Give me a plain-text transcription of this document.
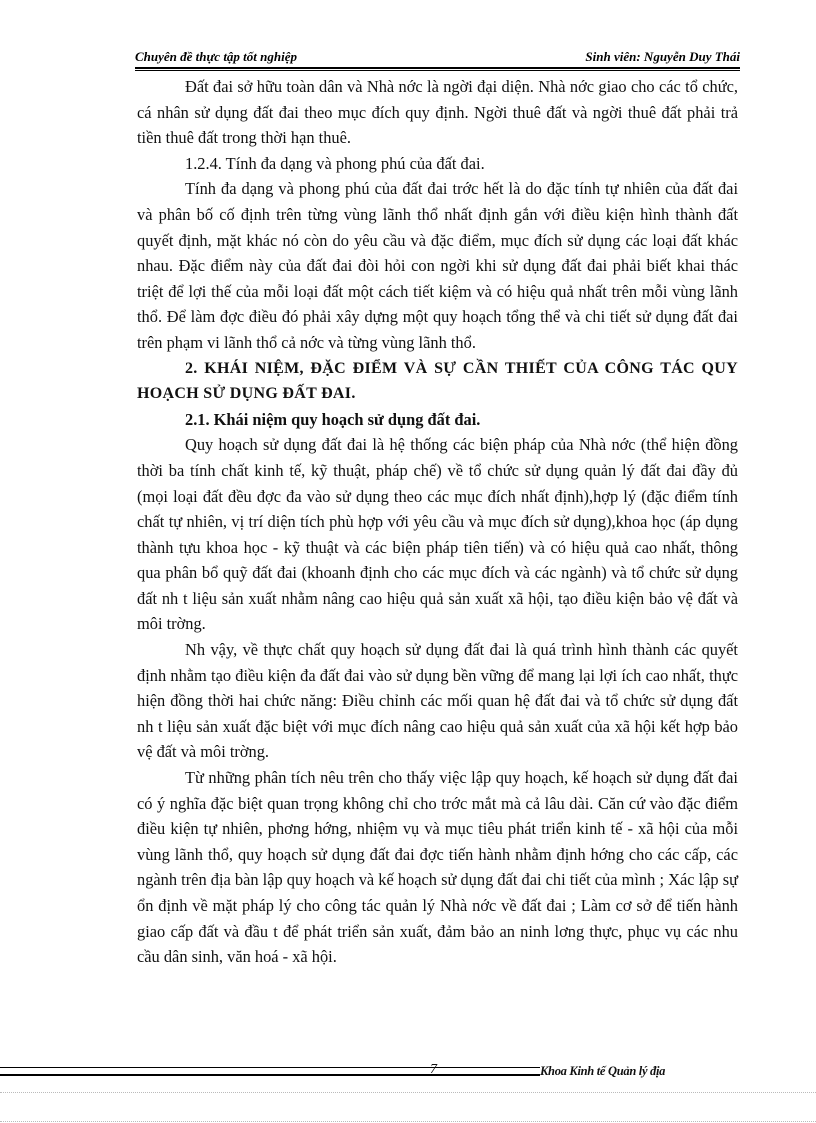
Chuyên đề thực tập tốt nghiệp	Sinh viên: Nguyễn Duy Thái

Đất đai sở hữu toàn dân và Nhà nớc là ngời đại diện. Nhà nớc giao cho các tổ chức, cá nhân sử dụng đất đai theo mục đích quy định. Ngời thuê đất và ngời thuê đất phải trả tiền thuê đất trong thời hạn thuê.

1.2.4. Tính đa dạng và phong phú của đất đai.

Tính đa dạng và phong phú của đất đai trớc hết là do đặc tính tự nhiên của đất đai và phân bố cố định trên từng vùng lãnh thổ nhất định gắn với điều kiện hình thành đất quyết định, mặt khác nó còn do yêu cầu và đặc điểm, mục đích sử dụng các loại đất khác nhau. Đặc điểm này của đất đai đòi hỏi con ngời khi sử dụng đất đai phải biết khai thác triệt để lợi thế của mỗi loại đất một cách tiết kiệm và có hiệu quả nhất trên mỗi vùng lãnh thổ. Để làm đợc điều đó phải xây dựng một quy hoạch tổng thể và chi tiết sử dụng đất đai trên phạm vi lãnh thổ cả nớc và từng vùng lãnh thổ.

2. KHÁI NIỆM, ĐẶC ĐIỂM VÀ SỰ CẦN THIẾT CỦA CÔNG TÁC QUY HOẠCH SỬ DỤNG ĐẤT ĐAI.

2.1. Khái niệm quy hoạch sử dụng đất đai.

Quy hoạch sử dụng đất đai là hệ thống các biện pháp của Nhà nớc (thể hiện đồng thời ba tính chất kinh tế, kỹ thuật, pháp chế) về tổ chức sử dụng quản lý đất đai đầy đủ (mọi loại đất đều đợc đa vào sử dụng theo các mục đích nhất định),hợp lý (đặc điểm tính chất tự nhiên, vị trí diện tích phù hợp với yêu cầu và mục đích sử dụng),khoa học (áp dụng thành tựu khoa học - kỹ thuật và các biện pháp tiên tiến) và có hiệu quả cao nhất, thông qua phân bổ quỹ đất đai (khoanh định cho các mục đích và các ngành) và tổ chức sử dụng đất nh t liệu sản xuất nhằm nâng cao hiệu quả sản xuất xã hội, tạo điều kiện bảo vệ đất và môi trờng.

Nh vậy, về thực chất quy hoạch sử dụng đất đai là quá trình hình thành các quyết định nhằm tạo điều kiện đa đất đai vào sử dụng bền vững để mang lại lợi ích cao nhất, thực hiện đồng thời hai chức năng: Điều chỉnh các mối quan hệ đất đai và tổ chức sử dụng đất nh t liệu sản xuất đặc biệt với mục đích nâng cao hiệu quả sản xuất của xã hội kết hợp bảo vệ đất và môi trờng.

Từ những phân tích nêu trên cho thấy việc lập quy hoạch, kế hoạch sử dụng đất đai có ý nghĩa đặc biệt quan trọng không chỉ cho trớc mắt mà cả lâu dài. Căn cứ vào đặc điểm điều kiện tự nhiên, phơng hớng, nhiệm vụ và mục tiêu phát triển kinh tế - xã hội của mỗi vùng lãnh thổ, quy hoạch sử dụng đất đai đợc tiến hành nhằm định hớng cho các cấp, các ngành trên địa bàn lập quy hoạch và kế hoạch sử dụng đất đai chi tiết của mình ; Xác lập sự ổn định về mặt pháp lý cho công tác quản lý Nhà nớc về đất đai ; Làm cơ sở để tiến hành giao cấp đất và đầu t để phát triển sản xuất, đảm bảo an ninh lơng thực, phục vụ các nhu cầu dân sinh, văn hoá - xã hội.

7	Khoa Kinh tế Quản lý địa
